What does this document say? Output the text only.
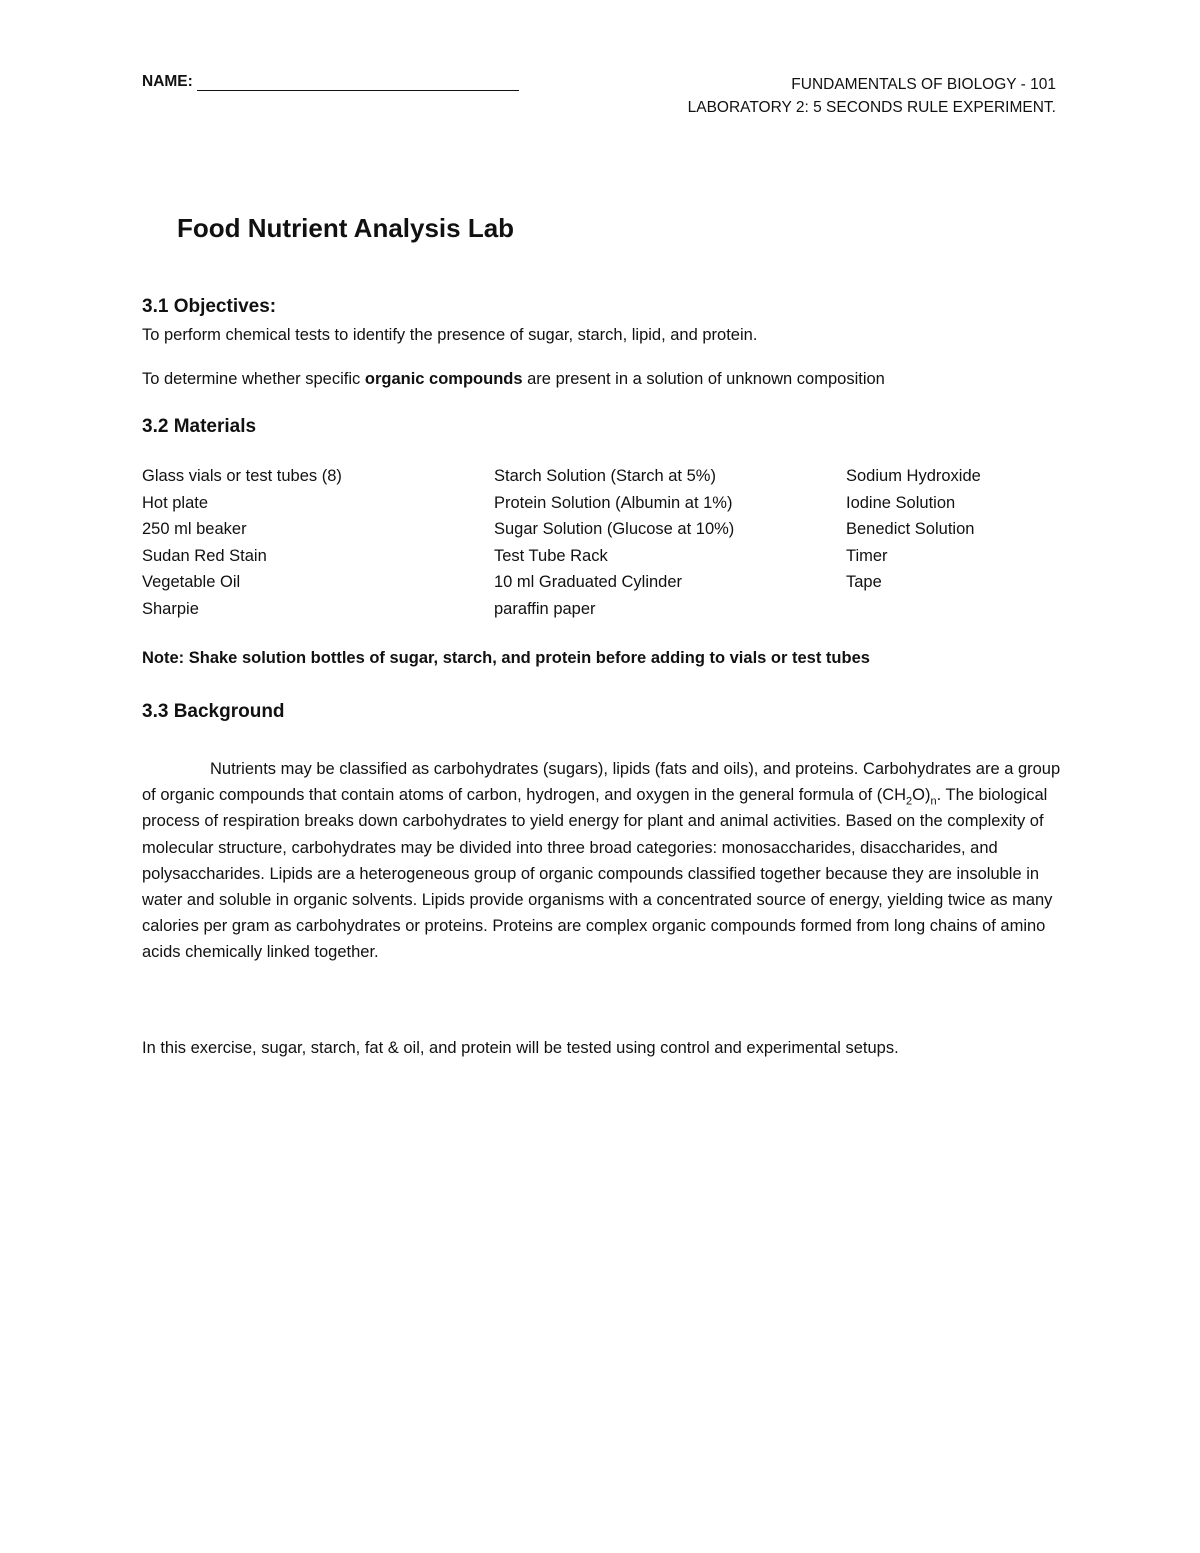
NAME:	FUNDAMENTALS OF BIOLOGY - 101
LABORATORY 2: 5 SECONDS RULE EXPERIMENT.
Food Nutrient Analysis Lab
3.1 Objectives:

To perform chemical tests to identify the presence of sugar, starch, lipid, and protein.

To determine whether specific organic compounds are present in a solution of unknown composition

3.2 Materials
Glass vials or test tubes (8)
Hot plate
250 ml beaker
Sudan Red Stain
Vegetable Oil
Sharpie
Starch Solution (Starch at 5%)
Protein Solution (Albumin at 1%)
Sugar Solution (Glucose at 10%)
Test Tube Rack
10 ml Graduated Cylinder
paraffin paper
Sodium Hydroxide
Iodine Solution
Benedict Solution
Timer
Tape
Note: Shake solution bottles of sugar, starch, and protein before adding to vials or test tubes
3.3 Background
Nutrients may be classified as carbohydrates (sugars), lipids (fats and oils), and proteins. Carbohydrates are a group of organic compounds that contain atoms of carbon, hydrogen, and oxygen in the general formula of $(CH_2O)_n$. The biological process of respiration breaks down carbohydrates to yield energy for plant and animal activities. Based on the complexity of molecular structure, carbohydrates may be divided into three broad categories: monosaccharides, disaccharides, and polysaccharides. Lipids are a heterogeneous group of organic compounds classified together because they are insoluble in water and soluble in organic solvents. Lipids provide organisms with a concentrated source of energy, yielding twice as many calories per gram as carbohydrates or proteins. Proteins are complex organic compounds formed from long chains of amino acids chemically linked together.
In this exercise, sugar, starch, fat & oil, and protein will be tested using control and experimental setups.
